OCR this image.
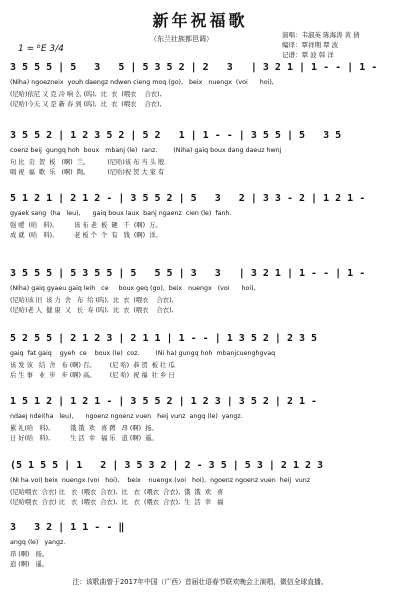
新年祝福歌
（东兰壮族都邑调）	演唱：韦淑英 陈海涛 黄 倩
编译：覃祥期 覃 波
记谱：覃 波 韩 洋
1 = ᵇE 3/4
3 5 5 5 | 5   3   5 | 5 3 5 2 | 2   3   | 3 2 1 | 1 - - | 1 -
(Niha) ngoezneix  youh daengz ndwen cieng moq (go),   beix   nuengx  (voi      hoi),
(尼哈)依尼 又 克 冷 响 么 (呜),  比  衣  (喂衣    合衣),
(尼哈)今天 又 是 新 春 到 (呜),  比  衣  (喂衣    合衣),
3 5 5 2 | 1 2 3 5 2 | 5 2   1 | 1 - - | 3 5 5 | 5   3 5
coenz beij  gungq hoh  boux   mbanj (le)  ranz.        (Niha) gaiq boux dang daeuz hwnj
句 比  贡  贺  板   (啊)  兰。         (尼哈)该 布 当 头 殷
唱 祝  福  歌  乐   (啊)  陶。         (尼哈)祝 贺 大 家 有
5 1 2 1 | 2 1 2 - | 3 5 5 2 | 5   3   2 | 3 3 - 2 | 1 2 1 -
gyaek sang  (ha   leu),      gaiq boux laux  banj ngaenz  cien (le)  fanh.
强 嗳  (哈   料),          该 布 老  板  硬   千  (啊)  万。
成 就  (哈   料),          老 板 个  个  有   钱  (啊)  洋。
3 5 5 5 | 5 3 5 5 | 5   5 5 | 3   3   | 3 2 1 | 1 - - | 1 -
(Niha) gaiq gyaeu gaiq leih   ce     boux geq (go),  beix   nuengx   (voi      hoi),
(尼哈)该 旧  该 力  舍   布  给 (呜),  比  衣  (喂衣    合衣),
(尼哈)老 人  健 康  又   长  寿 (呜),  比  衣  (喂衣    合衣),
5 2 5 5 | 2 1 2 3 | 2 1 1 | 1 - - | 1 3 5 2 | 2 3 5
gaiq  fat gaiq    gyeh  ce    boux (le)  coz.        (Ni ha) gungq hoh  mbanjcuenghgvaq
该 发 该   结  舍   布 (啊) 召。       (尼 哈)  恭 贺  板 壮 瓜
后 生 事   业  步   步 (啊) 高。       (尼 哈)  祝 福  壮 乡 日
1 5 1 2 | 1 2 1 - | 3 5 5 2 | 1 2 3 | 3 5 2 | 2 1 -
ndaej ndei(ha   leu),      ngoenz ngoenz vuen   heij vunz  angq (le)  yangz.
累 礼(哈   料),          饿 饿  欢   喜 蹲   昂 (啊)  扬。
日 好(哈   料),          生 活  幸   福 乐   逍 (啊)  遥。
(5 1 5 5 | 1   2 | 3 5 3 2 | 2 - 3 5 | 5 3 | 2 1 2 3
(Ni ha voi) beix  nuengx (voi   hoi),    beix    nuengx (voi   hoi),  ngoenz ngoenz vuen  heij  vunz
(尼哈喂衣  合衣) 比   衣  (喂衣  合衣),  比   衣  (喂衣  合衣),  饿  饿  欢   喜
(尼哈喂衣  合衣) 比   衣  (喂衣  合衣),  比   衣  (喂衣  合衣),  生  活  幸   福
3   3 2 | 1 1 - - ‖
angq (le)   yangz.
昂 (啊)   扬。
逍 (啊)   遥。
注：该歌曲曾于2017年中国（广西）首届壮语春节联欢晚会上演唱，微信全球直播。
